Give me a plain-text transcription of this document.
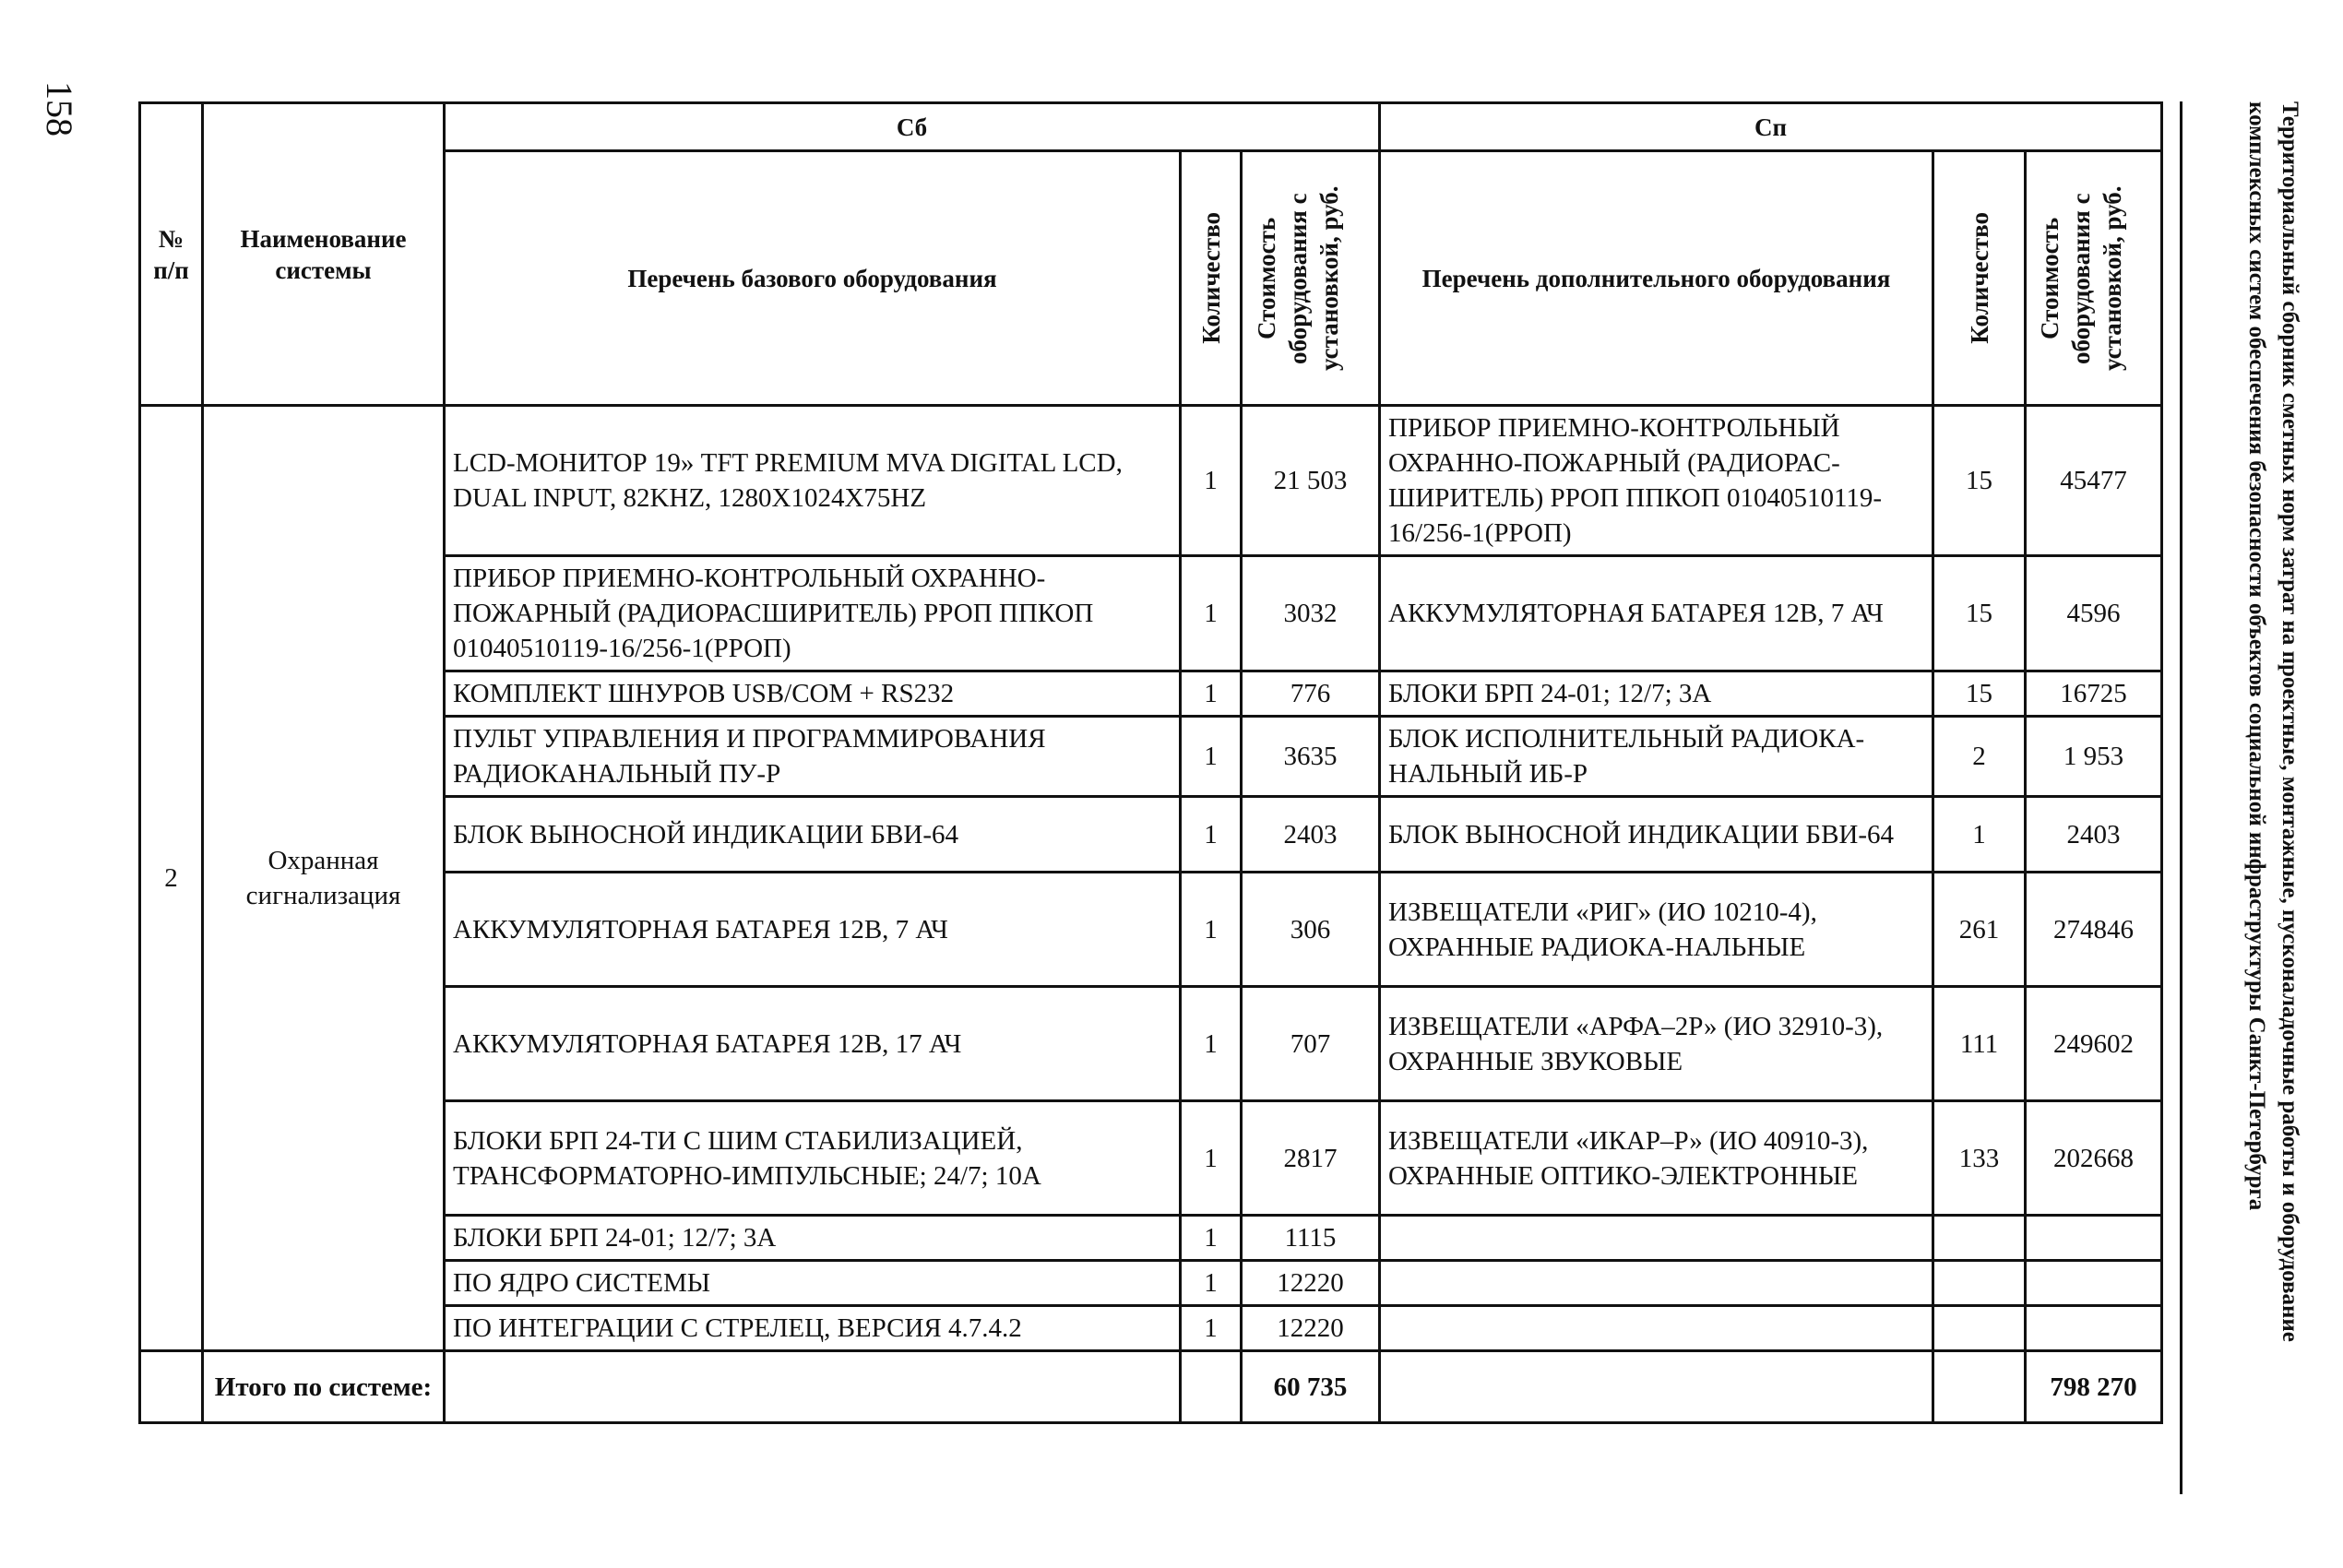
158	Территориальный сборник сметных норм затрат на проектные, монтажные, пусконаладочные работы и оборудование комплексных систем обеспечения безопасности объектов социальной инфраструктуры Санкт-Петербурга
№ п/п	Наименование системы	Сб			Сп		
		Перечень базового оборудования	Количество	Стоимость оборудования с установкой, руб.	Перечень дополнительного оборудования	Количество	Стоимость оборудования с установкой, руб.

2	Охранная сигнализация	LCD-МОНИТОР 19» TFT PREMIUM MVA DIGITAL LCD, DUAL INPUT, 82KHZ, 1280X1024X75HZ	1	21 503	ПРИБОР ПРИЕМНО-КОНТРОЛЬНЫЙ ОХРАННО-ПОЖАРНЫЙ (РАДИОРАС-ШИРИТЕЛЬ) РРОП ППКОП 01040510119-16/256-1(РРОП)	15	45477
		ПРИБОР ПРИЕМНО-КОНТРОЛЬНЫЙ ОХРАННО-ПОЖАРНЫЙ (РАДИОРАСШИРИТЕЛЬ) РРОП ППКОП 01040510119-16/256-1(РРОП)	1	3032	АККУМУЛЯТОРНАЯ БАТАРЕЯ 12В, 7 АЧ	15	4596
		КОМПЛЕКТ ШНУРОВ USB/COM + RS232	1	776	БЛОКИ БРП 24-01; 12/7; 3А	15	16725
		ПУЛЬТ УПРАВЛЕНИЯ И ПРОГРАММИРОВАНИЯ РАДИОКАНАЛЬНЫЙ ПУ-Р	1	3635	БЛОК ИСПОЛНИТЕЛЬНЫЙ РАДИОКА-НАЛЬНЫЙ ИБ-Р	2	1 953
		БЛОК ВЫНОСНОЙ ИНДИКАЦИИ БВИ-64	1	2403	БЛОК ВЫНОСНОЙ ИНДИКАЦИИ БВИ-64	1	2403
		АККУМУЛЯТОРНАЯ БАТАРЕЯ 12В, 7 АЧ	1	306	ИЗВЕЩАТЕЛИ «РИГ» (ИО 10210-4), ОХРАННЫЕ РАДИОКА-НАЛЬНЫЕ	261	274846
		АККУМУЛЯТОРНАЯ БАТАРЕЯ 12В, 17 АЧ	1	707	ИЗВЕЩАТЕЛИ «АРФА–2Р» (ИО 32910-3), ОХРАННЫЕ ЗВУКОВЫЕ	111	249602
		БЛОКИ БРП 24-ТИ С ШИМ СТАБИЛИЗАЦИЕЙ, ТРАНСФОРМАТОРНО-ИМПУЛЬСНЫЕ; 24/7; 10А	1	2817	ИЗВЕЩАТЕЛИ «ИКАР–Р» (ИО 40910-3), ОХРАННЫЕ ОПТИКО-ЭЛЕКТРОННЫЕ	133	202668
		БЛОКИ БРП 24-01; 12/7; 3А	1	1115			
		ПО ЯДРО СИСТЕМЫ	1	12220			
		ПО ИНТЕГРАЦИИ С СТРЕЛЕЦ, ВЕРСИЯ 4.7.4.2	1	12220			
	Итого по системе:			60 735			798 270
